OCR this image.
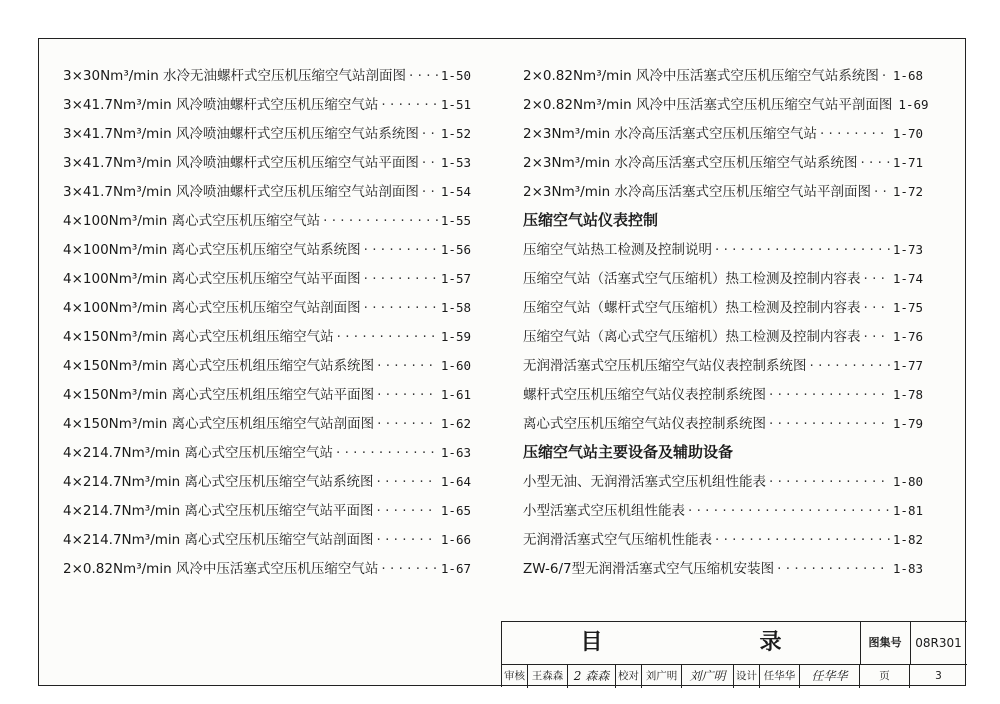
3×30Nm³/min 水冷无油螺杆式空压机压缩空气站剖面图 · · ·	1-50
3×41.7Nm³/min 风冷喷油螺杆式空压机压缩空气站 · · ·	1-51
3×41.7Nm³/min 风冷喷油螺杆式空压机压缩空气站系统图 · · · 1-52
3×41.7Nm³/min 风冷喷油螺杆式空压机压缩空气站平面图 · · · 1-53
3×41.7Nm³/min 风冷喷油螺杆式空压机压缩空气站剖面图 · · · 1-54
4×100Nm³/min 离心式空压机压缩空气站 · · ·	1-55
4×100Nm³/min 离心式空压机压缩空气站系统图 · · ·	1-56
4×100Nm³/min 离心式空压机压缩空气站平面图 · · ·	1-57
4×100Nm³/min 离心式空压机压缩空气站剖面图 · · ·	1-58
4×150Nm³/min 离心式空压机组压缩空气站 · · ·	1-59
4×150Nm³/min 离心式空压机组压缩空气站系统图 · · ·	1-60
4×150Nm³/min 离心式空压机组压缩空气站平面图 · · ·	1-61
4×150Nm³/min 离心式空压机组压缩空气站剖面图 · · ·	1-62
4×214.7Nm³/min 离心式空压机压缩空气站 · · ·	1-63
4×214.7Nm³/min 离心式空压机压缩空气站系统图 · · ·	1-64
4×214.7Nm³/min 离心式空压机压缩空气站平面图 · · ·	1-65
4×214.7Nm³/min 离心式空压机压缩空气站剖面图 · · ·	1-66
2×0.82Nm³/min 风冷中压活塞式空压机压缩空气站 · · ·	1-67
2×0.82Nm³/min 风冷中压活塞式空压机压缩空气站系统图 · · · 1-68
2×0.82Nm³/min 风冷中压活塞式空压机压缩空气站平剖面图 1-69
2×3Nm³/min 水冷高压活塞式空压机压缩空气站 · · ·	1-70
2×3Nm³/min 水冷高压活塞式空压机压缩空气站系统图 · · ·	1-71
2×3Nm³/min 水冷高压活塞式空压机压缩空气站平剖面图 · · · 1-72
压缩空气站仪表控制
压缩空气站热工检测及控制说明 · · ·	1-73
压缩空气站（活塞式空气压缩机）热工检测及控制内容表 · · ·	1-74
压缩空气站（螺杆式空气压缩机）热工检测及控制内容表 · · ·	1-75
压缩空气站（离心式空气压缩机）热工检测及控制内容表 · · ·	1-76
无润滑活塞式空压机压缩空气站仪表控制系统图 · · ·	1-77
螺杆式空压机压缩空气站仪表控制系统图 · · ·	1-78
离心式空压机压缩空气站仪表控制系统图 · · ·	1-79
压缩空气站主要设备及辅助设备
小型无油、无润滑活塞式空压机组性能表 · · ·	1-80
小型活塞式空压机组性能表 · · ·	1-81
无润滑活塞式空气压缩机性能表 · · ·	1-82
ZW-6/7型无润滑活塞式空气压缩机安装图 · · ·	1-83
目	录	图集号	08R301
审核 王森森 2 森森 校对 刘广明	刘广明	设计 任华华	任华华	页	3
